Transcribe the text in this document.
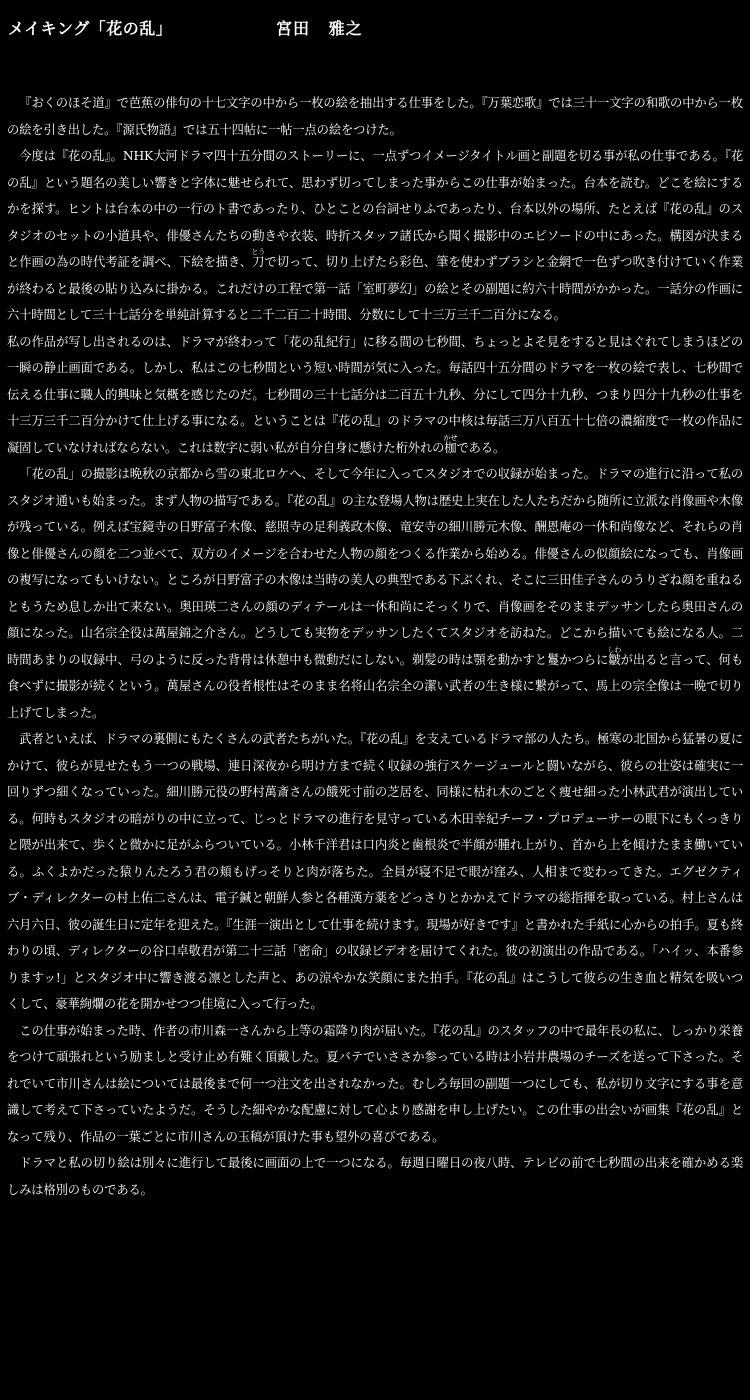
メイキング「花の乱」	宮田 雅之

『おくのほそ道』で芭蕉の俳句の十七文字の中から一枚の絵を抽出する仕事をした。『万葉恋歌』では三十一文字の和歌の中から一枚の絵を引き出した。『源氏物語』では五十四帖に一帖一点の絵をつけた。

今度は『花の乱』。NHK大河ドラマ四十五分間のストーリーに、一点ずつイメージタイトル画と副題を切る事が私の仕事である。『花の乱』という題名の美しい響きと字体に魅せられて、思わず切ってしまった事からこの仕事が始まった。台本を読む。どこを絵にするかを探す。ヒントは台本の中の一行のト書であったり、ひとことの台詞せりふであったり、台本以外の場所、たとえば『花の乱』のスタジオのセットの小道具や、俳優さんたちの動きや衣装、時折スタッフ諸氏から聞く撮影中のエピソードの中にあった。構図が決まると作画の為の時代考証を調べ、下絵を描き、刀とうで切って、切り上げたら彩色、筆を使わずブラシと金網で一色ずつ吹き付けていく作業が終わると最後の貼り込みに掛かる。これだけの工程で第一話「室町夢幻」の絵とその副題に約六十時間がかかった。一話分の作画に六十時間として三十七話分を単純計算すると二千二百二十時間、分数にして十三万三千二百分になる。

私の作品が写し出されるのは、ドラマが終わって「花の乱紀行」に移る間の七秒間、ちょっとよそ見をすると見はぐれてしまうほどの一瞬の静止画面である。しかし、私はこの七秒間という短い時間が気に入った。毎話四十五分間のドラマを一枚の絵で表し、七秒間で伝える仕事に職人的興味と気概を感じたのだ。七秒間の三十七話分は二百五十九秒、分にして四分十九秒、つまり四分十九秒の仕事を十三万三千二百分かけて仕上げる事になる。ということは『花の乱』のドラマの中核は毎話三万八百五十七倍の濃縮度で一枚の作品に凝固していなければならない。これは数字に弱い私が自分自身に懸けた桁外れの枷かせである。

「花の乱」の撮影は晩秋の京都から雪の東北ロケへ、そして今年に入ってスタジオでの収録が始まった。ドラマの進行に沿って私のスタジオ通いも始まった。まず人物の描写である。『花の乱』の主な登場人物は歴史上実在した人たちだから随所に立派な肖像画や木像が残っている。例えば宝鏡寺の日野富子木像、慈照寺の足利義政木像、竜安寺の細川勝元木像、酬恩庵の一休和尚像など、それらの肖像と俳優さんの顔を二つ並べて、双方のイメージを合わせた人物の顔をつくる作業から始める。俳優さんの似顔絵になっても、肖像画の複写になってもいけない。ところが日野富子の木像は当時の美人の典型である下ぶくれ、そこに三田佳子さんのうりざね顔を重ねるともうため息しか出て来ない。奥田瑛二さんの顔のディテールは一休和尚にそっくりで、肖像画をそのままデッサンしたら奥田さんの顔になった。山名宗全役は萬屋錦之介さん。どうしても実物をデッサンしたくてスタジオを訪ねた。どこから描いても絵になる人。二時間あまりの収録中、弓のように反った背骨は休憩中も微動だにしない。剃髪の時は顎を動かすと鬘かつらに皺しわが出ると言って、何も食べずに撮影が続くという。萬屋さんの役者根性はそのまま名将山名宗全の潔い武者の生き様に繋がって、馬上の宗全像は一晩で切り上げてしまった。

武者といえば、ドラマの裏側にもたくさんの武者たちがいた。『花の乱』を支えているドラマ部の人たち。極寒の北国から猛暑の夏にかけて、彼らが見せたもう一つの戦場、連日深夜から明け方まで続く収録の強行スケージュールと闘いながら、彼らの壮姿は確実に一回りずつ細くなっていった。細川勝元役の野村萬斎さんの餓死寸前の芝居を、同様に枯れ木のごとく痩せ細った小林武君が演出している。何時もスタジオの暗がりの中に立って、じっとドラマの進行を見守っている木田幸紀チーフ・プロデューサーの眼下にもくっきりと隈が出来て、歩くと微かに足がふらついている。小林千洋君は口内炎と歯根炎で半顔が腫れ上がり、首から上を傾けたまま働いている。ふくよかだった猿りんたろう君の頬もげっそりと肉が落ちた。全員が寝不足で眼が窪み、人相まで変わってきた。エグゼクティブ・ディレクターの村上佑二さんは、電子鍼と朝鮮人参と各種漢方薬をどっさりとかかえてドラマの総指揮を取っている。村上さんは六月六日、彼の誕生日に定年を迎えた。『生涯一演出として仕事を続けます。現場が好きです』と書かれた手紙に心からの拍手。夏も終わりの頃、ディレクターの谷口卓敬君が第二十三話「密命」の収録ビデオを届けてくれた。彼の初演出の作品である。「ハイッ、本番参りますッ!」とスタジオ中に響き渡る凛とした声と、あの涼やかな笑顔にまた拍手。『花の乱』はこうして彼らの生き血と精気を吸いつくして、豪華絢爛の花を開かせつつ佳境に入って行った。

この仕事が始まった時、作者の市川森一さんから上等の霜降り肉が届いた。『花の乱』のスタッフの中で最年長の私に、しっかり栄養をつけて頑張れという励ましと受け止め有難く頂戴した。夏バテでいささか参っている時は小岩井農場のチーズを送って下さった。それでいて市川さんは絵については最後まで何一つ注文を出されなかった。むしろ毎回の副題一つにしても、私が切り文字にする事を意識して考えて下さっていたようだ。そうした細やかな配慮に対して心より感謝を申し上げたい。この仕事の出会いが画集『花の乱』となって残り、作品の一葉ごとに市川さんの玉稿が頂けた事も望外の喜びである。

ドラマと私の切り絵は別々に進行して最後に画面の上で一つになる。毎週日曜日の夜八時、テレビの前で七秒間の出来を確かめる楽しみは格別のものである。
